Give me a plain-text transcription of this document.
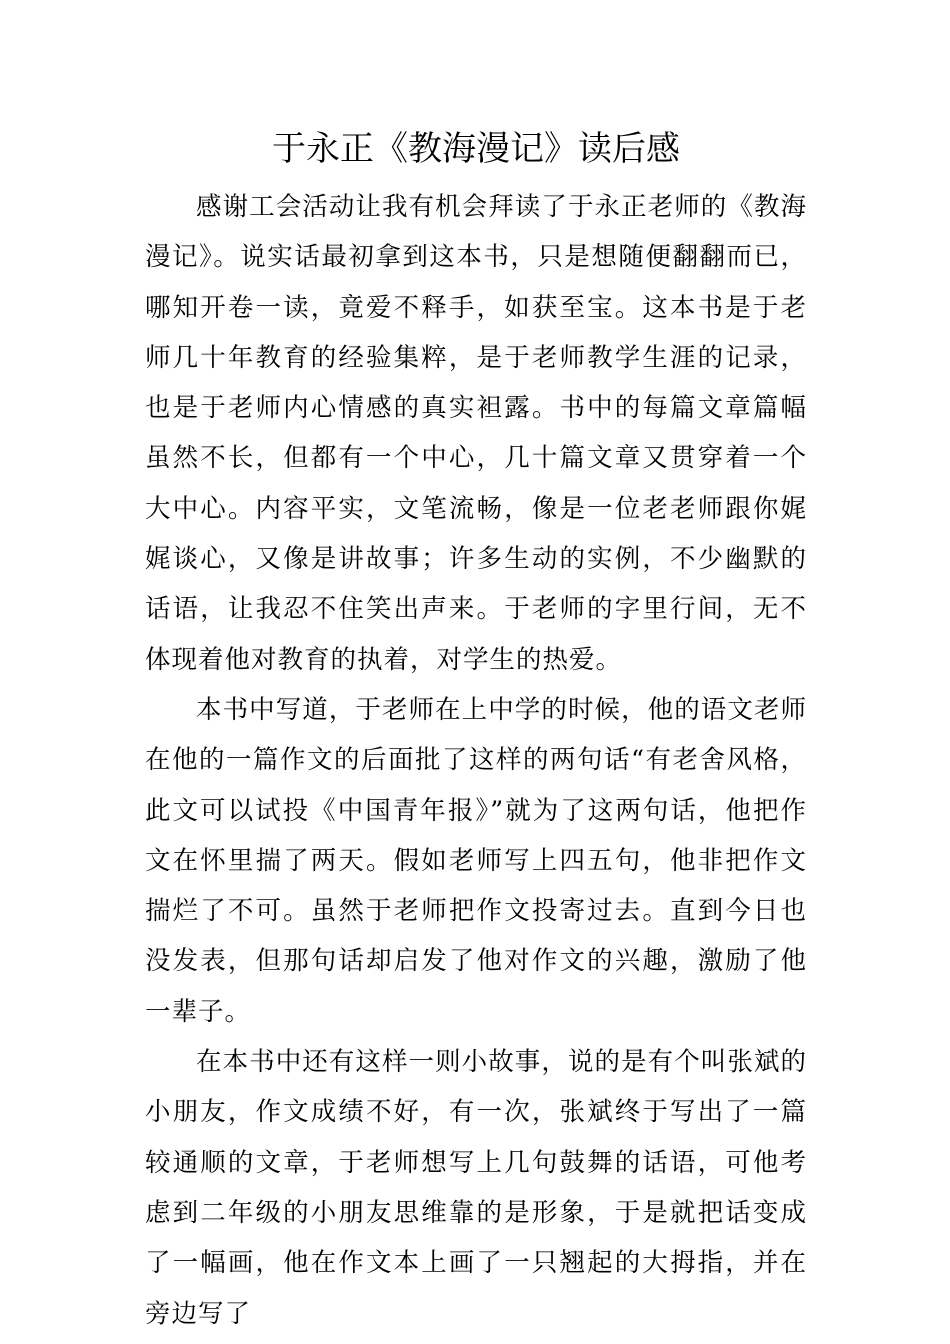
于永正《教海漫记》读后感

感谢工会活动让我有机会拜读了于永正老师的《教海漫记》。说实话最初拿到这本书，只是想随便翻翻而已，哪知开卷一读，竟爱不释手，如获至宝。这本书是于老师几十年教育的经验集粹，是于老师教学生涯的记录，也是于老师内心情感的真实袒露。书中的每篇文章篇幅虽然不长，但都有一个中心，几十篇文章又贯穿着一个大中心。内容平实，文笔流畅，像是一位老老师跟你娓娓谈心，又像是讲故事；许多生动的实例，不少幽默的话语，让我忍不住笑出声来。于老师的字里行间，无不体现着他对教育的执着，对学生的热爱。

本书中写道，于老师在上中学的时候，他的语文老师在他的一篇作文的后面批了这样的两句话“有老舍风格，此文可以试投《中国青年报》”就为了这两句话，他把作文在怀里揣了两天。假如老师写上四五句，他非把作文揣烂了不可。虽然于老师把作文投寄过去。直到今日也没发表，但那句话却启发了他对作文的兴趣，激励了他一辈子。

在本书中还有这样一则小故事，说的是有个叫张斌的小朋友，作文成绩不好，有一次，张斌终于写出了一篇较通顺的文章，于老师想写上几句鼓舞的话语，可他考虑到二年级的小朋友思维靠的是形象，于是就把话变成了一幅画，他在作文本上画了一只翘起的大拇指，并在旁边写了
